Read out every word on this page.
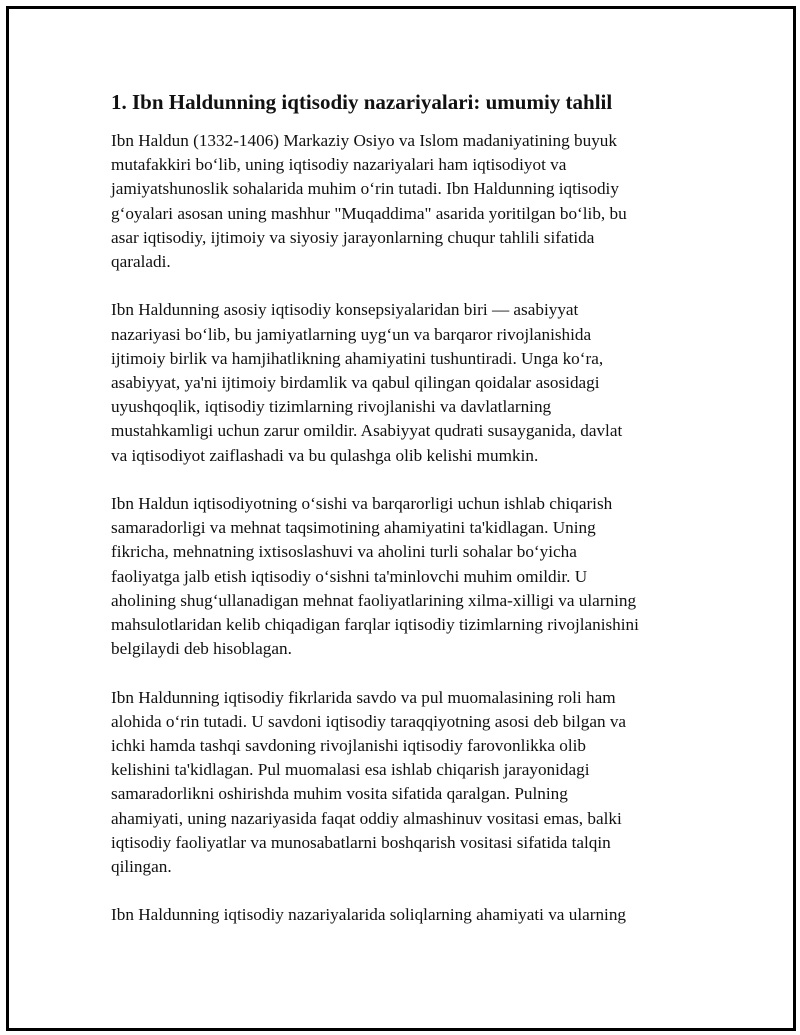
1. Ibn Haldunning iqtisodiy nazariyalari: umumiy tahlil
Ibn Haldun (1332-1406) Markaziy Osiyo va Islom madaniyatining buyuk
mutafakkiri bo‘lib, uning iqtisodiy nazariyalari ham iqtisodiyot va
jamiyatshunoslik sohalarida muhim o‘rin tutadi. Ibn Haldunning iqtisodiy
g‘oyalari asosan uning mashhur "Muqaddima" asarida yoritilgan bo‘lib, bu
asar iqtisodiy, ijtimoiy va siyosiy jarayonlarning chuqur tahlili sifatida
qaraladi.
Ibn Haldunning asosiy iqtisodiy konsepsiyalaridan biri — asabiyyat
nazariyasi bo‘lib, bu jamiyatlarning uyg‘un va barqaror rivojlanishida
ijtimoiy birlik va hamjihatlikning ahamiyatini tushuntiradi. Unga ko‘ra,
asabiyyat, ya'ni ijtimoiy birdamlik va qabul qilingan qoidalar asosidagi
uyushqoqlik, iqtisodiy tizimlarning rivojlanishi va davlatlarning
mustahkamligi uchun zarur omildir. Asabiyyat qudrati susayganida, davlat
va iqtisodiyot zaiflashadi va bu qulashga olib kelishi mumkin.
Ibn Haldun iqtisodiyotning o‘sishi va barqarorligi uchun ishlab chiqarish
samaradorligi va mehnat taqsimotining ahamiyatini ta'kidlagan. Uning
fikricha, mehnatning ixtisoslashuvi va aholini turli sohalar bo‘yicha
faoliyatga jalb etish iqtisodiy o‘sishni ta'minlovchi muhim omildir. U
aholining shug‘ullanadigan mehnat faoliyatlarining xilma-xilligi va ularning
mahsulotlaridan kelib chiqadigan farqlar iqtisodiy tizimlarning rivojlanishini
belgilaydi deb hisoblagan.
Ibn Haldunning iqtisodiy fikrlarida savdo va pul muomalasining roli ham
alohida o‘rin tutadi. U savdoni iqtisodiy taraqqiyotning asosi deb bilgan va
ichki hamda tashqi savdoning rivojlanishi iqtisodiy farovonlikka olib
kelishini ta'kidlagan. Pul muomalasi esa ishlab chiqarish jarayonidagi
samaradorlikni oshirishda muhim vosita sifatida qaralgan. Pulning
ahamiyati, uning nazariyasida faqat oddiy almashinuv vositasi emas, balki
iqtisodiy faoliyatlar va munosabatlarni boshqarish vositasi sifatida talqin
qilingan.
Ibn Haldunning iqtisodiy nazariyalarida soliqlarning ahamiyati va ularning
